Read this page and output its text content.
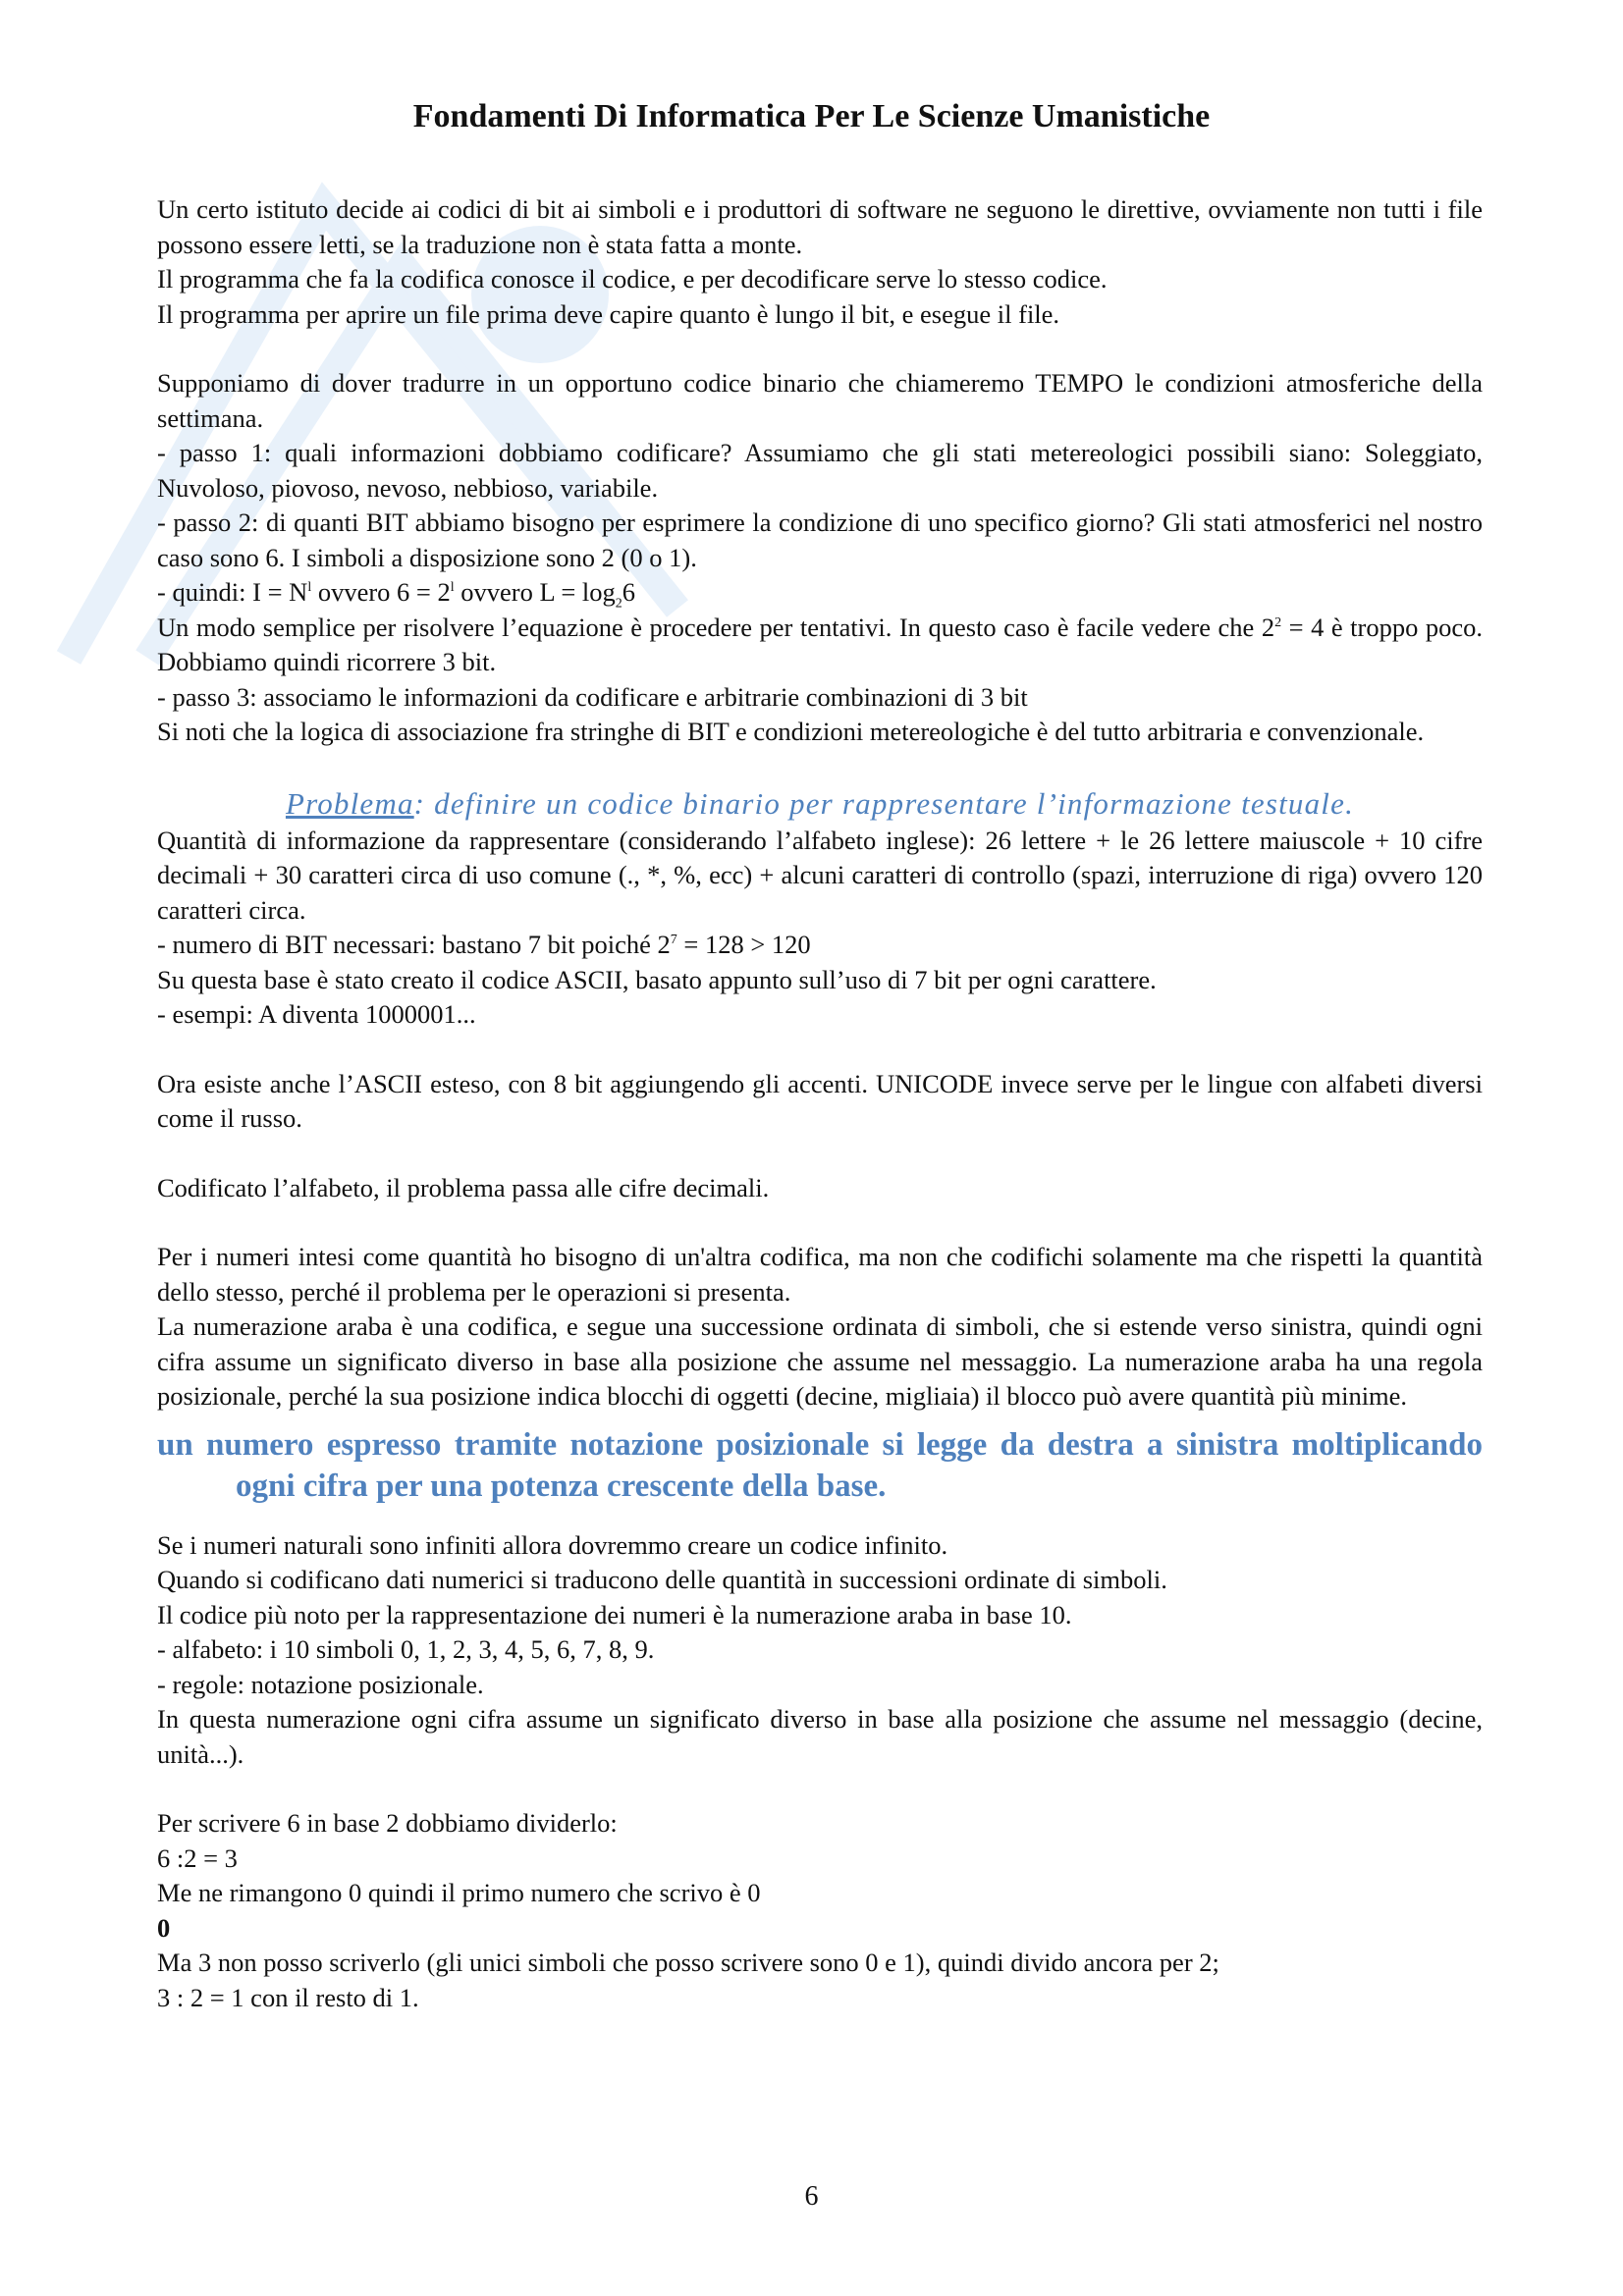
Fondamenti Di Informatica Per Le Scienze Umanistiche

Un certo istituto decide ai codici di bit ai simboli e i produttori di software ne seguono le direttive, ovviamente non tutti i file possono essere letti, se la traduzione non è stata fatta a monte.

Il programma che fa la codifica conosce il codice, e per decodificare serve lo stesso codice.

Il programma per aprire un file prima deve capire quanto è lungo il bit, e esegue il file.

Supponiamo di dover tradurre in un opportuno codice binario che chiameremo TEMPO le condizioni atmosferiche della settimana.

- passo 1: quali informazioni dobbiamo codificare? Assumiamo che gli stati metereologici possibili siano: Soleggiato, Nuvoloso, piovoso, nevoso, nebbioso, variabile.

- passo 2: di quanti BIT abbiamo bisogno per esprimere la condizione di uno specifico giorno? Gli stati atmosferici nel nostro caso sono 6. I simboli a disposizione sono 2 (0 o 1).

- quindi: $I = N^l$ ovvero $6 = 2^l$ ovvero $L = \log_26$

Un modo semplice per risolvere l’equazione è procedere per tentativi. In questo caso è facile vedere che $2^2 = 4$ è troppo poco. Dobbiamo quindi ricorrere 3 bit.

- passo 3: associamo le informazioni da codificare e arbitrarie combinazioni di 3 bit

Si noti che la logica di associazione fra stringhe di BIT e condizioni metereologiche è del tutto arbitraria e convenzionale.

Problema: definire un codice binario per rappresentare l’informazione testuale.

Quantità di informazione da rappresentare (considerando l’alfabeto inglese): 26 lettere + le 26 lettere maiuscole + 10 cifre decimali + 30 caratteri circa di uso comune (., *, %, ecc) + alcuni caratteri di controllo (spazi, interruzione di riga) ovvero 120 caratteri circa.

- numero di BIT necessari: bastano 7 bit poiché $2^7 = 128 > 120$

Su questa base è stato creato il codice ASCII, basato appunto sull’uso di 7 bit per ogni carattere.

- esempi: A diventa 1000001...

Ora esiste anche l’ASCII esteso, con 8 bit aggiungendo gli accenti. UNICODE invece serve per le lingue con alfabeti diversi come il russo.

Codificato l’alfabeto, il problema passa alle cifre decimali.

Per i numeri intesi come quantità ho bisogno di un'altra codifica, ma non che codifichi solamente ma che rispetti la quantità dello stesso, perché il problema per le operazioni si presenta.

La numerazione araba è una codifica, e segue una successione ordinata di simboli, che si estende verso sinistra, quindi ogni cifra assume un significato diverso in base alla posizione che assume nel messaggio. La numerazione araba ha una regola posizionale, perché la sua posizione indica blocchi di oggetti (decine, migliaia) il blocco può avere quantità più minime.

un numero espresso tramite notazione posizionale si legge da destra a sinistra moltiplicando ogni cifra per una potenza crescente della base.

Se i numeri naturali sono infiniti allora dovremmo creare un codice infinito.

Quando si codificano dati numerici si traducono delle quantità in successioni ordinate di simboli.

Il codice più noto per la rappresentazione dei numeri è la numerazione araba in base 10.

- alfabeto: i 10 simboli 0, 1, 2, 3, 4, 5, 6, 7, 8, 9.

- regole: notazione posizionale.

In questa numerazione ogni cifra assume un significato diverso in base alla posizione che assume nel messaggio (decine, unità...).

Per scrivere 6 in base 2 dobbiamo dividerlo:

6 :2 = 3

Me ne rimangono 0 quindi il primo numero che scrivo è 0

0

Ma 3 non posso scriverlo (gli unici simboli che posso scrivere sono 0 e 1), quindi divido ancora per 2;

3 : 2 = 1 con il resto di 1.

6
